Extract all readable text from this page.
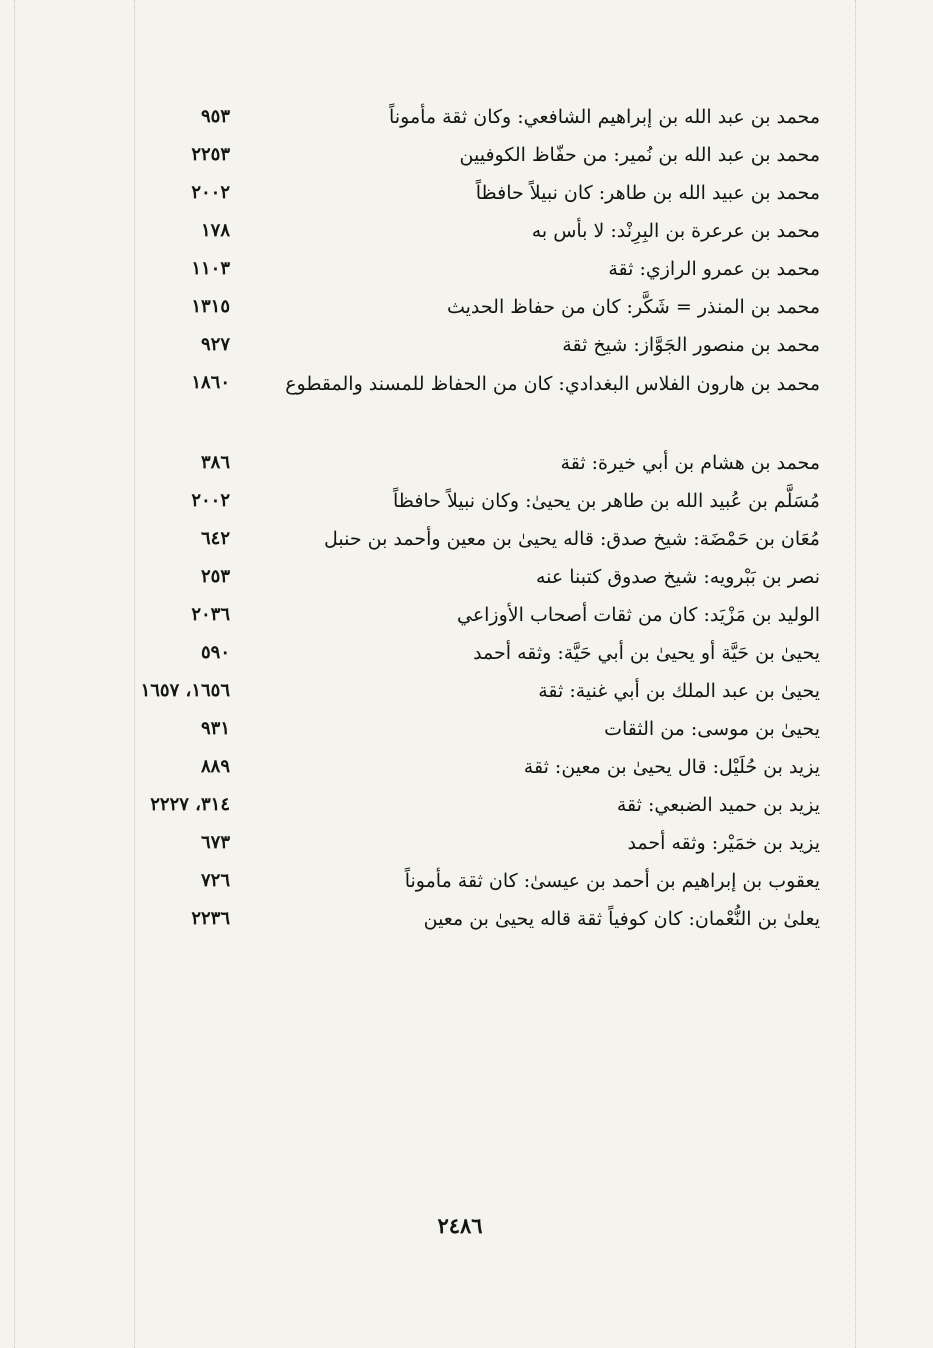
محمد بن عبد الله بن إبراهيم الشافعي: وكان ثقة مأموناً
٩٥٣
محمد بن عبد الله بن نُمير: من حفّاظ الكوفيين
٢٢٥٣
محمد بن عبيد الله بن طاهر: كان نبيلاً حافظاً
٢٠٠٢
محمد بن عرعرة بن البِرِنْد: لا بأس به
١٧٨
محمد بن عمرو الرازي: ثقة
١١٠٣
محمد بن المنذر = شَكَّر: كان من حفاظ الحديث
١٣١٥
محمد بن منصور الجَوَّاز: شيخ ثقة
٩٢٧
محمد بن هارون الفلاس البغدادي: كان من الحفاظ للمسند والمقطوع
١٨٦٠
محمد بن هشام بن أبي خيرة: ثقة
٣٨٦
مُسَلَّم بن عُبيد الله بن طاهر بن يحيىٰ: وكان نبيلاً حافظاً
٢٠٠٢
مُعَان بن حَمْضَة: شيخ صدق: قاله يحيىٰ بن معين وأحمد بن حنبل
٦٤٢
نصر بن بَبْرويه: شيخ صدوق كتبنا عنه
٢٥٣
الوليد بن مَزْيَد: كان من ثقات أصحاب الأوزاعي
٢٠٣٦
يحيىٰ بن حَيَّة أو يحيىٰ بن أبي حَيَّة: وثقه أحمد
٥٩٠
يحيىٰ بن عبد الملك بن أبي غنية: ثقة
١٦٥٦، ١٦٥٧
يحيىٰ بن موسى: من الثقات
٩٣١
يزيد بن حُلَيْل: قال يحيىٰ بن معين: ثقة
٨٨٩
يزيد بن حميد الضبعي: ثقة
٣١٤، ٢٢٢٧
يزيد بن خمَيْر: وثقه أحمد
٦٧٣
يعقوب بن إبراهيم بن أحمد بن عيسىٰ: كان ثقة مأموناً
٧٢٦
يعلىٰ بن النُّعْمان: كان كوفياً ثقة قاله يحيىٰ بن معين
٢٢٣٦
٢٤٨٦
